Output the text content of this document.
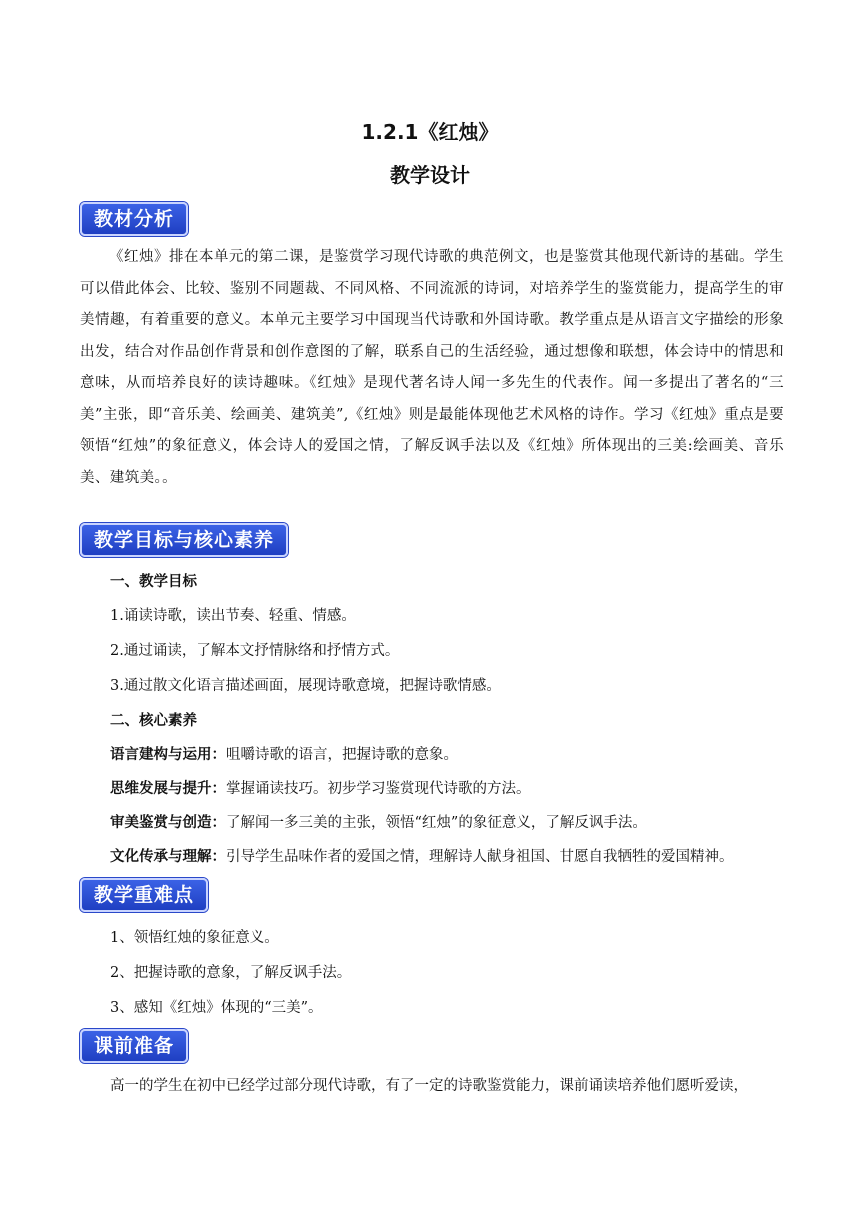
1.2.1《红烛》
教学设计
教材分析
《红烛》排在本单元的第二课，是鉴赏学习现代诗歌的典范例文，也是鉴赏其他现代新诗的基础。学生可以借此体会、比较、鉴别不同题裁、不同风格、不同流派的诗词，对培养学生的鉴赏能力，提高学生的审美情趣，有着重要的意义。本单元主要学习中国现当代诗歌和外国诗歌。教学重点是从语言文字描绘的形象出发，结合对作品创作背景和创作意图的了解，联系自己的生活经验，通过想像和联想，体会诗中的情思和意味，从而培养良好的读诗趣味。《红烛》是现代著名诗人闻一多先生的代表作。闻一多提出了著名的“三美”主张，即“音乐美、绘画美、建筑美”,《红烛》则是最能体现他艺术风格的诗作。学习《红烛》重点是要领悟“红烛”的象征意义，体会诗人的爱国之情，了解反讽手法以及《红烛》所体现出的三美:绘画美、音乐美、建筑美。。
教学目标与核心素养
一、教学目标
1.诵读诗歌，读出节奏、轻重、情感。
2.通过诵读，了解本文抒情脉络和抒情方式。
3.通过散文化语言描述画面，展现诗歌意境，把握诗歌情感。
二、核心素养
语言建构与运用：咀嚼诗歌的语言，把握诗歌的意象。
思维发展与提升：掌握诵读技巧。初步学习鉴赏现代诗歌的方法。
审美鉴赏与创造：了解闻一多三美的主张，领悟“红烛”的象征意义，了解反讽手法。
文化传承与理解：引导学生品味作者的爱国之情，理解诗人献身祖国、甘愿自我牺牲的爱国精神。
教学重难点
1、领悟红烛的象征意义。
2、把握诗歌的意象，了解反讽手法。
3、感知《红烛》体现的“三美”。
课前准备
高一的学生在初中已经学过部分现代诗歌，有了一定的诗歌鉴赏能力，课前诵读培养他们愿听爱读，
